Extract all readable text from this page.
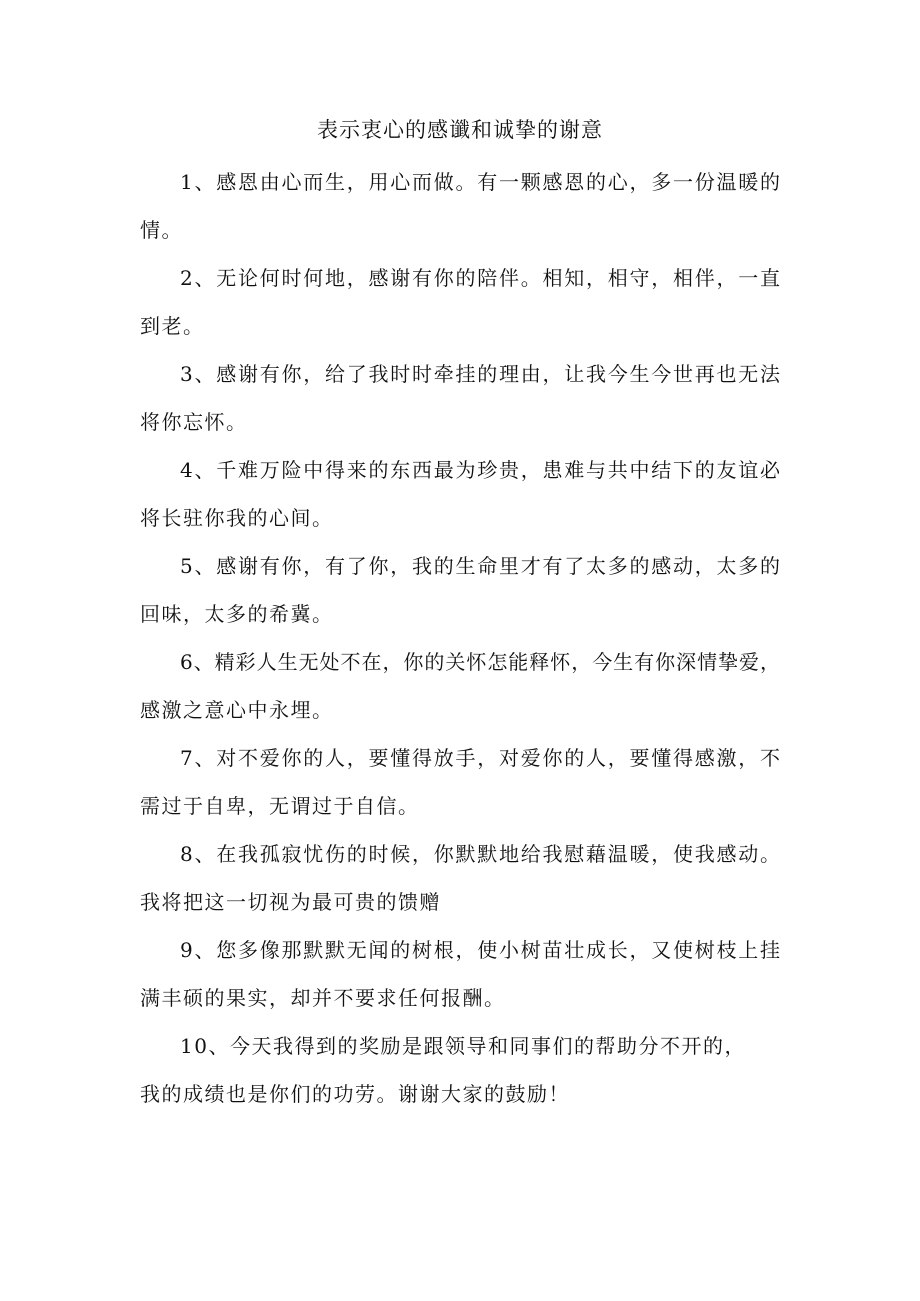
表示衷心的感谶和诚挚的谢意

1、感恩由心而生，用心而做。有一颗感恩的心，多一份温暖的
情。

2、无论何时何地，感谢有你的陪伴。相知，相守，相伴，一直
到老。

3、感谢有你，给了我时时牵挂的理由，让我今生今世再也无法
将你忘怀。

4、千难万险中得来的东西最为珍贵，患难与共中结下的友谊必
将长驻你我的心间。

5、感谢有你，有了你，我的生命里才有了太多的感动，太多的
回味，太多的希冀。

6、精彩人生无处不在，你的关怀怎能释怀，今生有你深情挚爱，
感激之意心中永埋。

7、对不爱你的人，要懂得放手，对爱你的人，要懂得感激，不
需过于自卑，无谓过于自信。

8、在我孤寂忧伤的时候，你默默地给我慰藉温暖，使我感动。
我将把这一切视为最可贵的馈赠

9、您多像那默默无闻的树根，使小树苗壮成长，又使树枝上挂
满丰硕的果实，却并不要求任何报酬。

10、今天我得到的奖励是跟领导和同事们的帮助分不开的，
我的成绩也是你们的功劳。谢谢大家的鼓励！
